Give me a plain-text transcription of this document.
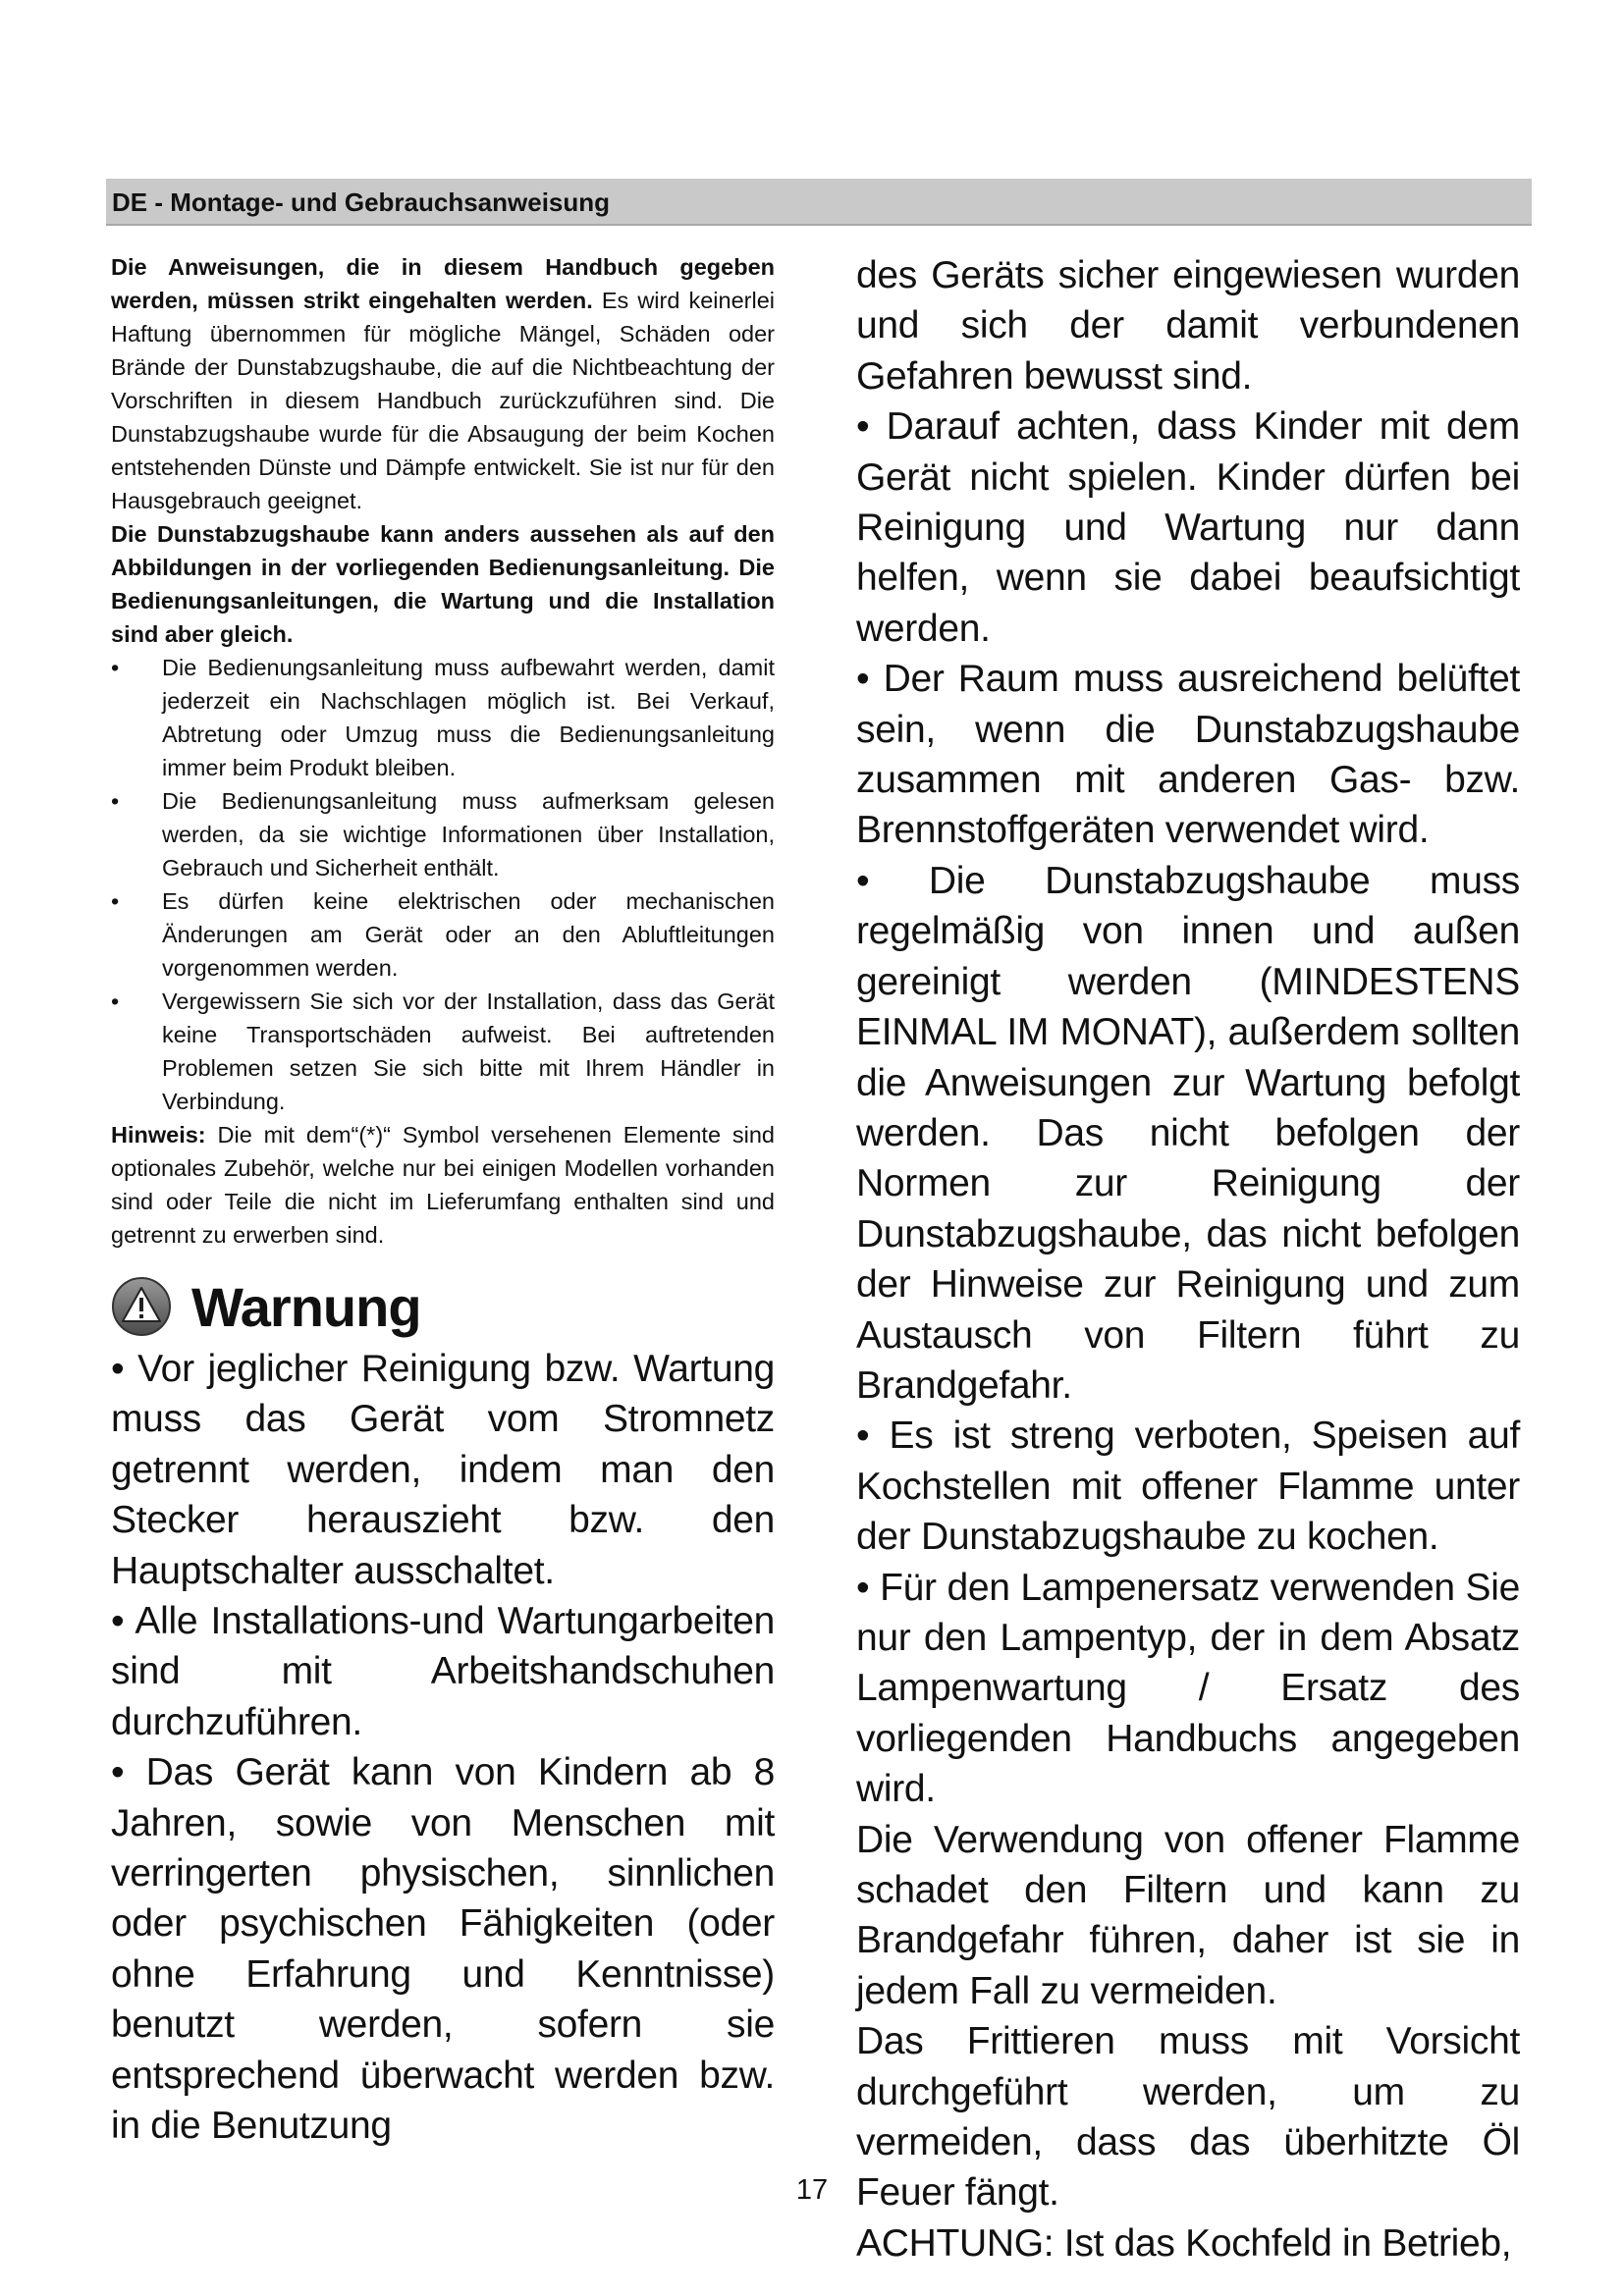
DE - Montage- und Gebrauchsanweisung

Die Anweisungen, die in diesem Handbuch gegeben werden, müssen strikt eingehalten werden. Es wird keinerlei Haftung übernommen für mögliche Mängel, Schäden oder Brände der Dunstabzugshaube, die auf die Nichtbeachtung der Vorschriften in diesem Handbuch zurückzuführen sind. Die Dunstabzugshaube wurde für die Absaugung der beim Kochen entstehenden Dünste und Dämpfe entwickelt. Sie ist nur für den Hausgebrauch geeignet.

Die Dunstabzugshaube kann anders aussehen als auf den Abbildungen in der vorliegenden Bedienungsanleitung. Die Bedienungsanleitungen, die Wartung und die Installation sind aber gleich.

•	Die Bedienungsanleitung muss aufbewahrt werden, damit jederzeit ein Nachschlagen möglich ist. Bei Verkauf, Abtretung oder Umzug muss die Bedienungsanleitung immer beim Produkt bleiben.
•	Die Bedienungsanleitung muss aufmerksam gelesen werden, da sie wichtige Informationen über Installation, Gebrauch und Sicherheit enthält.
•	Es dürfen keine elektrischen oder mechanischen Änderungen am Gerät oder an den Abluftleitungen vorgenommen werden.
•	Vergewissern Sie sich vor der Installation, dass das Gerät keine Transportschäden aufweist. Bei auftretenden Problemen setzen Sie sich bitte mit Ihrem Händler in Verbindung.

Hinweis: Die mit dem“(*)“ Symbol versehenen Elemente sind optionales Zubehör, welche nur bei einigen Modellen vorhanden sind oder Teile die nicht im Lieferumfang enthalten sind und getrennt zu erwerben sind.

Warnung

• Vor jeglicher Reinigung bzw. Wartung muss das Gerät vom Stromnetz getrennt werden, indem man den Stecker herauszieht bzw. den Hauptschalter ausschaltet.

• Alle Installations-und Wartungarbeiten sind mit Arbeitshandschuhen durchzuführen.

• Das Gerät kann von Kindern ab 8 Jahren, sowie von Menschen mit verringerten physischen, sinnlichen oder psychischen Fähigkeiten (oder ohne Erfahrung und Kenntnisse) benutzt werden, sofern sie entsprechend überwacht werden bzw. in die Benutzung

des Geräts sicher eingewiesen wurden und sich der damit verbundenen Gefahren bewusst sind.

• Darauf achten, dass Kinder mit dem Gerät nicht spielen. Kinder dürfen bei Reinigung und Wartung nur dann helfen, wenn sie dabei beaufsichtigt werden.

• Der Raum muss ausreichend belüftet sein, wenn die Dunstabzugshaube zusammen mit anderen Gas- bzw. Brennstoffgeräten verwendet wird.

• Die Dunstabzugshaube muss regelmäßig von innen und außen gereinigt werden (MINDESTENS EINMAL IM MONAT), außerdem sollten die Anweisungen zur Wartung befolgt werden. Das nicht befolgen der Normen zur Reinigung der Dunstabzugshaube, das nicht befolgen der Hinweise zur Reinigung und zum Austausch von Filtern führt zu Brandgefahr.

• Es ist streng verboten, Speisen auf Kochstellen mit offener Flamme unter der Dunstabzugshaube zu kochen.

• Für den Lampenersatz verwenden Sie nur den Lampentyp, der in dem Absatz Lampenwartung / Ersatz des vorliegenden Handbuchs angegeben wird.

Die Verwendung von offener Flamme schadet den Filtern und kann zu Brandgefahr führen, daher ist sie in jedem Fall zu vermeiden.

Das Frittieren muss mit Vorsicht durchgeführt werden, um zu vermeiden, dass das überhitzte Öl Feuer fängt.

ACHTUNG: Ist das Kochfeld in Betrieb,

17
